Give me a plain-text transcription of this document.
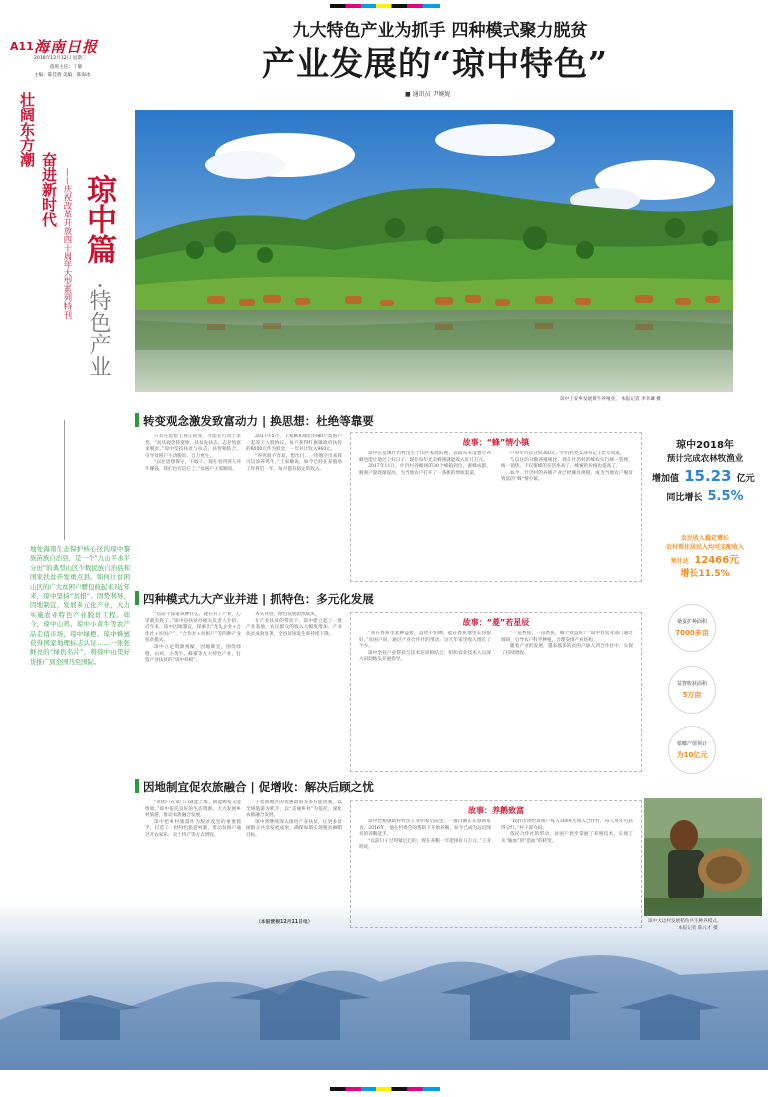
A11 海南日报
2018年12月12日 星期三
值班主任：丁静
主编：陈佳倩 美编：陈海冰
九大特色产业为抓手 四种模式聚力脱贫
产业发展的“琼中特色”
■ 通讯员 尹婉妮
壮阔东方潮
奋进新时代 ——庆祝改革开放四十周年大型系列特刊 琼中篇
·特色产业
琼中上安乡发展黄牛养殖业。 本报记者 李幸璘 摄
地处海南生态保护核心区的琼中黎族苗族自治县，是一个“九山半水半分田”的典型山区少数民族自治县和国家扶贫开发重点县。如何让贫困山区的广大贫困户腰包鼓起来?近年来，琼中坚持“贫根”、固势利导，因地制宜，发展多元化产业，大力实施农业特色产业脱贫工程。如今，琼中山鸡、琼中小黄牛等农产品走俏市场，琼中绿橙、琼中蜂蜜获得国家地理标志认证……一张张鲜亮的“绿色名片”，将琼中山里好货推广到全国乃至国际。
转变观念激发致富动力 | 换思想：杜绝等靠要

只有在思想上真正转变，才能在行动上求变。“贫从观念转变始，扶贫先扶志，志存致富求脱贫。”琼中坚持扶贫与扶志、扶智相结合，引导贫困户主动脱贫、自力更生。

“以往思想保守，不敢干，现在看到别人养牛赚钱，我们也有信心了。”贫困户王家顺说。

2017年5月，王家顺和他们村80户贫困户一起签下入股协议，每户获得红旗镇政府扶持的6000元作为股金，一年共计收入960元。

“养鸡很不容易，想出门，一块地空出来我可以添养鸡牛。”王家顺说，如今已经在养殖场工作将近一年，每月都有稳定的收入。

故事：“蜂”情小镇

琼中长征镇什仍村出生于山区家庭的他，以前从来没想过养蜂也能让他过上好日子，现在每年光卖蜂蜜就能收入好几万元。

2017年11月，什仍村养蜂场的30个蜂箱到位，蜜蜂成群，蜂蜜产量逐渐提高，为当地农户打开了一条新的增收渠道。

户每年可以分到360元。”什仍村党支部书记王贵专说道。

与以往的分散养殖相比，现在什仍村的蜂农实行统一管理，统一销售，不仅蜜蜂的存活率高了，蜂蜜的价格也提高了。

如今，什仍村的养蜂产业已经颇具规模，成为当地农户脱贫致富的“蜂”情小镇。

四种模式九大产业并进 | 抓特色：多元化发展

“以前不知道该种什么，现在有了产业，心里就有底了。”琼中县扶贫办相关负责人介绍，近年来，琼中因地制宜，探索出“龙头企业+合作社+贫困户”、“合作社+贫困户”等四种产业扶贫模式。

琼中立足资源禀赋，因地制宜，围绕绿橙、山鸡、小黄牛、蜂蜜等九大特色产业，打造产业扶贫的“琼中样板”。

齐头并进，绿色发展蔚然成风。

在产业扶贫的带动下，琼中建立起了一批产业基地，农民群众的收入大幅度增加，产业扶贫成效显著，全县贫困发生率持续下降。

故事：“菱”若星辰

“我在香蕉里套种益智，益智不怕晒，能在香蕉地里长得很好。”贫困户说，通过产业合作社的带动，这几年家里收入增长了不少。

琼中坚持产业帮扶与技术培训相结合，组织农业技术人员深入田间地头开展指导。

“一亩香蕉，一亩香蕉，哪个效益好？”琼中县农业部门通过调研，引导农户科学种植，合理安排产业结构。

随着产业的发展，越来越多的贫困户加入到合作社中，实现了持续增收。

因地制宜促农旅融合 | 促增收：解决后顾之忧

“贫困户在家门口就能上班，既能顾家又能增收。”琼中依托良好的生态资源，大力发展乡村旅游，推动农旅融合发展。

琼中把乡村旅游作为脱贫攻坚的重要抓手，打造了一批特色旅游村寨，带动贫困户通过开农家乐、卖土特产等方式增收。

子贫困地区的优惠政策等多方面因素，以全域旅游为抓手，以“美丽乡村”为依托，深化农旅融合发展。

琼中将继续深入推进产业扶贫，让更多贫困群众共享发展成果，确保如期实现脱贫摘帽目标。

故事：养鹅致富

琼中营根镇新村村民王亚明家后院里，一群白鹅正在悠闲觅食。2016年，他在村委会的帮助下开始养鹅，如今已成为远近闻名的养鹅能手。

“以前日子过得紧巴巴的，现在养鹅一年能挣好几万元。”王亚明说。

“政府出资给贫困户每人3000元加入合作社，每人每年可获得分红。”村干部介绍。

依托合作社的带动，贫困户逐步掌握了养殖技术，实现了从“输血”到“造血”的转变。

琼中2018年
预计完成农林牧渔业
增加值 15.23 亿元
同比增长 5.5%
农民收入稳定增长
农村常住居民人均可支配收入
预计达 12466元
增长11.5%
桑蚕扩种面积
7000多亩
益智收获面积
5万亩
槟榔产值预计
为10亿元
